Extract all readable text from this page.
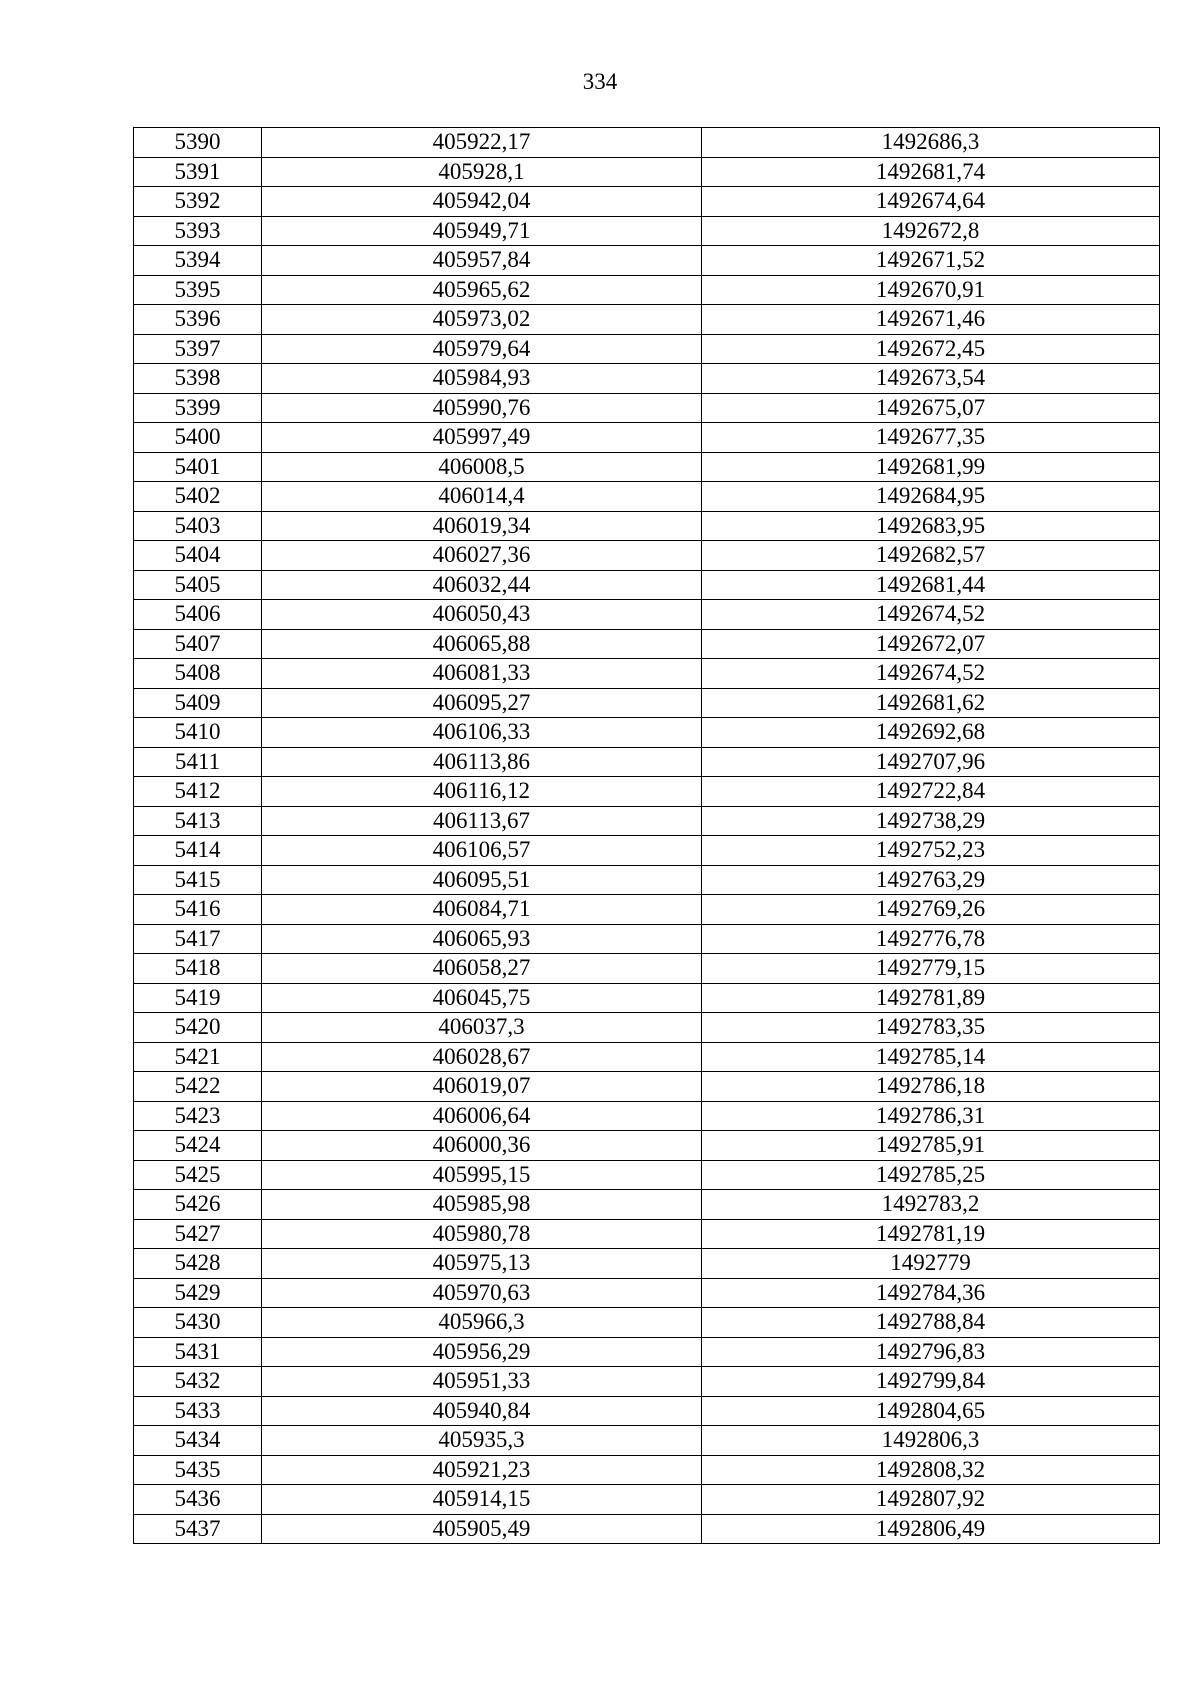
334
5390	405922,17	1492686,3
5391	405928,1	1492681,74
5392	405942,04	1492674,64
5393	405949,71	1492672,8
5394	405957,84	1492671,52
5395	405965,62	1492670,91
5396	405973,02	1492671,46
5397	405979,64	1492672,45
5398	405984,93	1492673,54
5399	405990,76	1492675,07
5400	405997,49	1492677,35
5401	406008,5	1492681,99
5402	406014,4	1492684,95
5403	406019,34	1492683,95
5404	406027,36	1492682,57
5405	406032,44	1492681,44
5406	406050,43	1492674,52
5407	406065,88	1492672,07
5408	406081,33	1492674,52
5409	406095,27	1492681,62
5410	406106,33	1492692,68
5411	406113,86	1492707,96
5412	406116,12	1492722,84
5413	406113,67	1492738,29
5414	406106,57	1492752,23
5415	406095,51	1492763,29
5416	406084,71	1492769,26
5417	406065,93	1492776,78
5418	406058,27	1492779,15
5419	406045,75	1492781,89
5420	406037,3	1492783,35
5421	406028,67	1492785,14
5422	406019,07	1492786,18
5423	406006,64	1492786,31
5424	406000,36	1492785,91
5425	405995,15	1492785,25
5426	405985,98	1492783,2
5427	405980,78	1492781,19
5428	405975,13	1492779
5429	405970,63	1492784,36
5430	405966,3	1492788,84
5431	405956,29	1492796,83
5432	405951,33	1492799,84
5433	405940,84	1492804,65
5434	405935,3	1492806,3
5435	405921,23	1492808,32
5436	405914,15	1492807,92
5437	405905,49	1492806,49
